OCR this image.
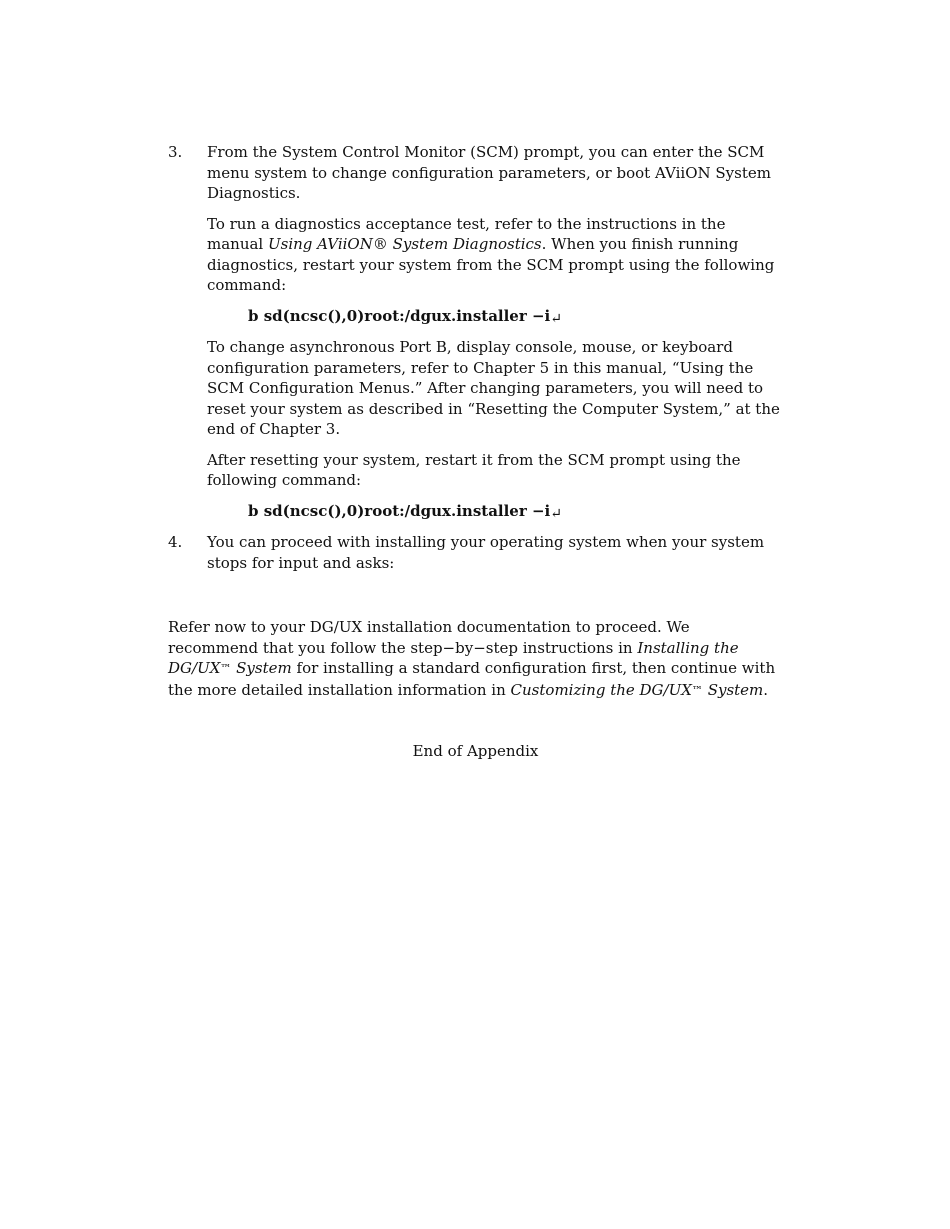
3. From the System Control Monitor (SCM) prompt, you can enter the SCM menu system to change configuration parameters, or boot AViiON System Diagnostics.

To run a diagnostics acceptance test, refer to the instructions in the manual Using AViiON® System Diagnostics. When you finish running diagnostics, restart your system from the SCM prompt using the following command:

b sd(ncsc(),0)root:/dgux.installer −i↵

To change asynchronous Port B, display console, mouse, or keyboard configuration parameters, refer to Chapter 5 in this manual, “Using the SCM Configuration Menus.” After changing parameters, you will need to reset your system as described in “Resetting the Computer System,” at the end of Chapter 3.

After resetting your system, restart it from the SCM prompt using the following command:

b sd(ncsc(),0)root:/dgux.installer −i↵

4. You can proceed with installing your operating system when your system stops for input and asks:

Refer now to your DG/UX installation documentation to proceed. We recommend that you follow the step−by−step instructions in Installing the DG/UX™ System for installing a standard configuration first, then continue with the more detailed installation information in Customizing the DG/UX™ System.

End of Appendix
